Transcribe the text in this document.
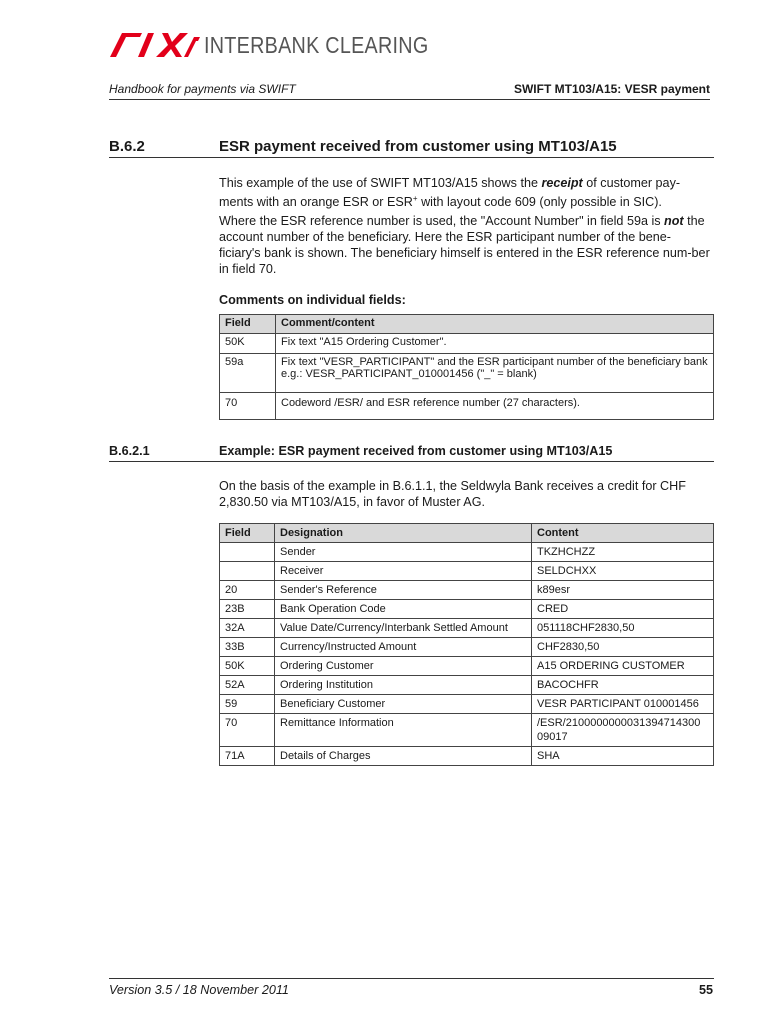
INTERBANK CLEARING
Handbook for payments via SWIFT	SWIFT MT103/A15: VESR payment
B.6.2	ESR payment received from customer using MT103/A15
This example of the use of SWIFT MT103/A15 shows the receipt of customer pay-ments with an orange ESR or ESR+ with layout code 609 (only possible in SIC).
Where the ESR reference number is used, the "Account Number" in field 59a is not the account number of the beneficiary. Here the ESR participant number of the bene-ficiary's bank is shown. The beneficiary himself is entered in the ESR reference num-ber in field 70.
Comments on individual fields:
Field	Comment/content
50K	Fix text "A15 Ordering Customer".
59a	Fix text "VESR_PARTICIPANT" and the ESR participant number of the beneficiary bank e.g.: VESR_PARTICIPANT_010001456 ("_" = blank)
70	Codeword /ESR/ and ESR reference number (27 characters).
B.6.2.1	Example: ESR payment received from customer using MT103/A15
On the basis of the example in B.6.1.1, the Seldwyla Bank receives a credit for CHF 2,830.50 via MT103/A15, in favor of Muster AG.
Field	Designation	Content
	Sender	TKZHCHZZ
	Receiver	SELDCHXX
20	Sender's Reference	k89esr
23B	Bank Operation Code	CRED
32A	Value Date/Currency/Interbank Settled Amount	051118CHF2830,50
33B	Currency/Instructed Amount	CHF2830,50
50K	Ordering Customer	A15 ORDERING CUSTOMER
52A	Ordering Institution	BACOCHFR
59	Beneficiary Customer	VESR PARTICIPANT 010001456
70	Remittance Information	/ESR/2100000000031394714300 09017
71A	Details of Charges	SHA
Version 3.5 / 18 November 2011	55
